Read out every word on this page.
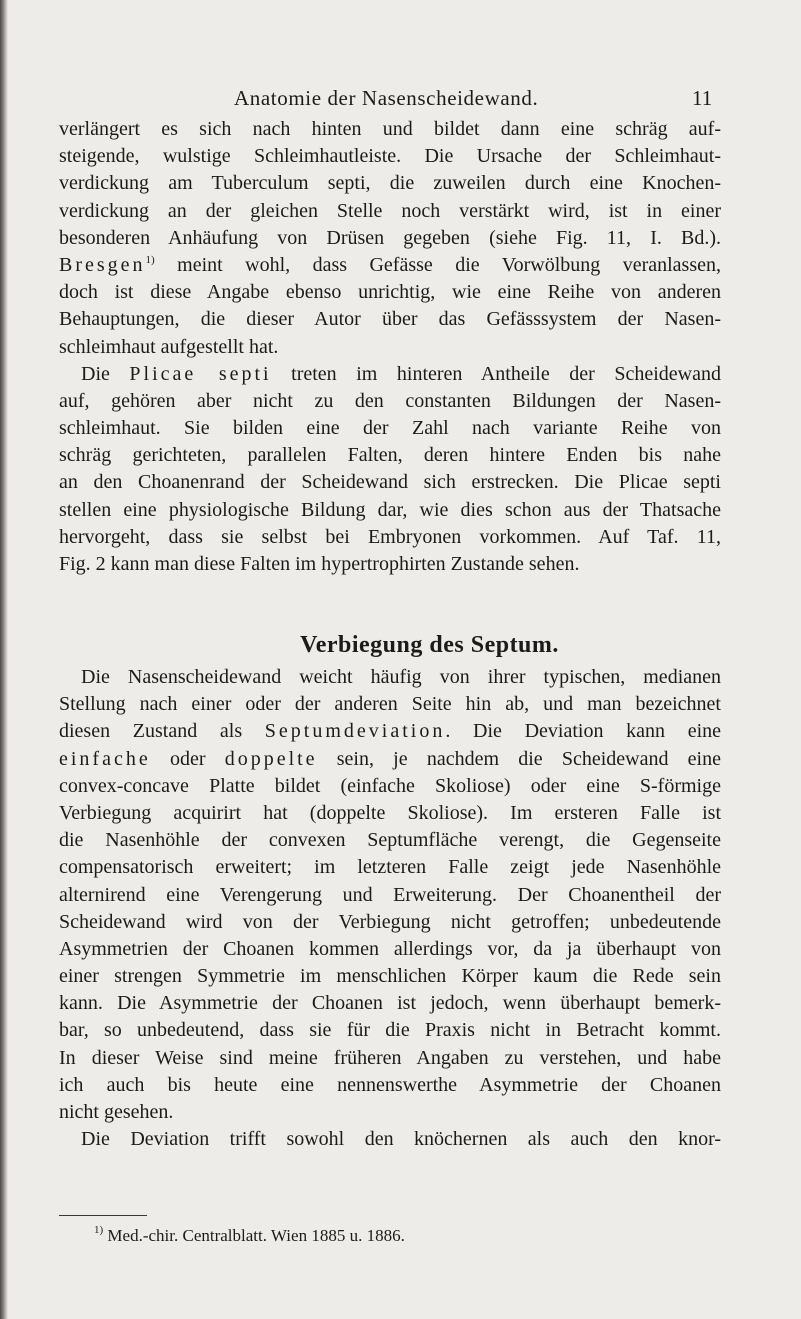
Anatomie der Nasenscheidewand.	11
verlängert es sich nach hinten und bildet dann eine schräg auf-
steigende, wulstige Schleimhautleiste. Die Ursache der Schleimhaut-
verdickung am Tuberculum septi, die zuweilen durch eine Knochen-
verdickung an der gleichen Stelle noch verstärkt wird, ist in einer
besonderen Anhäufung von Drüsen gegeben (siehe Fig. 11, I. Bd.).
Bresgen$^{1)}$ meint wohl, dass Gefässe die Vorwölbung veranlassen,
doch ist diese Angabe ebenso unrichtig, wie eine Reihe von anderen
Behauptungen, die dieser Autor über das Gefässsystem der Nasen-
schleimhaut aufgestellt hat.
Die Plicae septi treten im hinteren Antheile der Scheidewand
auf, gehören aber nicht zu den constanten Bildungen der Nasen-
schleimhaut. Sie bilden eine der Zahl nach variante Reihe von
schräg gerichteten, parallelen Falten, deren hintere Enden bis nahe
an den Choanenrand der Scheidewand sich erstrecken. Die Plicae septi
stellen eine physiologische Bildung dar, wie dies schon aus der Thatsache
hervorgeht, dass sie selbst bei Embryonen vorkommen. Auf Taf. 11,
Fig. 2 kann man diese Falten im hypertrophirten Zustande sehen.
Verbiegung des Septum.
Die Nasenscheidewand weicht häufig von ihrer typischen, medianen
Stellung nach einer oder der anderen Seite hin ab, und man bezeichnet
diesen Zustand als Septumdeviation. Die Deviation kann eine
einfache oder doppelte sein, je nachdem die Scheidewand eine
convex-concave Platte bildet (einfache Skoliose) oder eine S-förmige
Verbiegung acquirirt hat (doppelte Skoliose). Im ersteren Falle ist
die Nasenhöhle der convexen Septumfläche verengt, die Gegenseite
compensatorisch erweitert; im letzteren Falle zeigt jede Nasenhöhle
alternirend eine Verengerung und Erweiterung. Der Choanentheil der
Scheidewand wird von der Verbiegung nicht getroffen; unbedeutende
Asymmetrien der Choanen kommen allerdings vor, da ja überhaupt von
einer strengen Symmetrie im menschlichen Körper kaum die Rede sein
kann. Die Asymmetrie der Choanen ist jedoch, wenn überhaupt bemerk-
bar, so unbedeutend, dass sie für die Praxis nicht in Betracht kommt.
In dieser Weise sind meine früheren Angaben zu verstehen, und habe
ich auch bis heute eine nennenswerthe Asymmetrie der Choanen
nicht gesehen.
Die Deviation trifft sowohl den knöchernen als auch den knor-
$^{1)}$ Med.-chir. Centralblatt. Wien 1885 u. 1886.
